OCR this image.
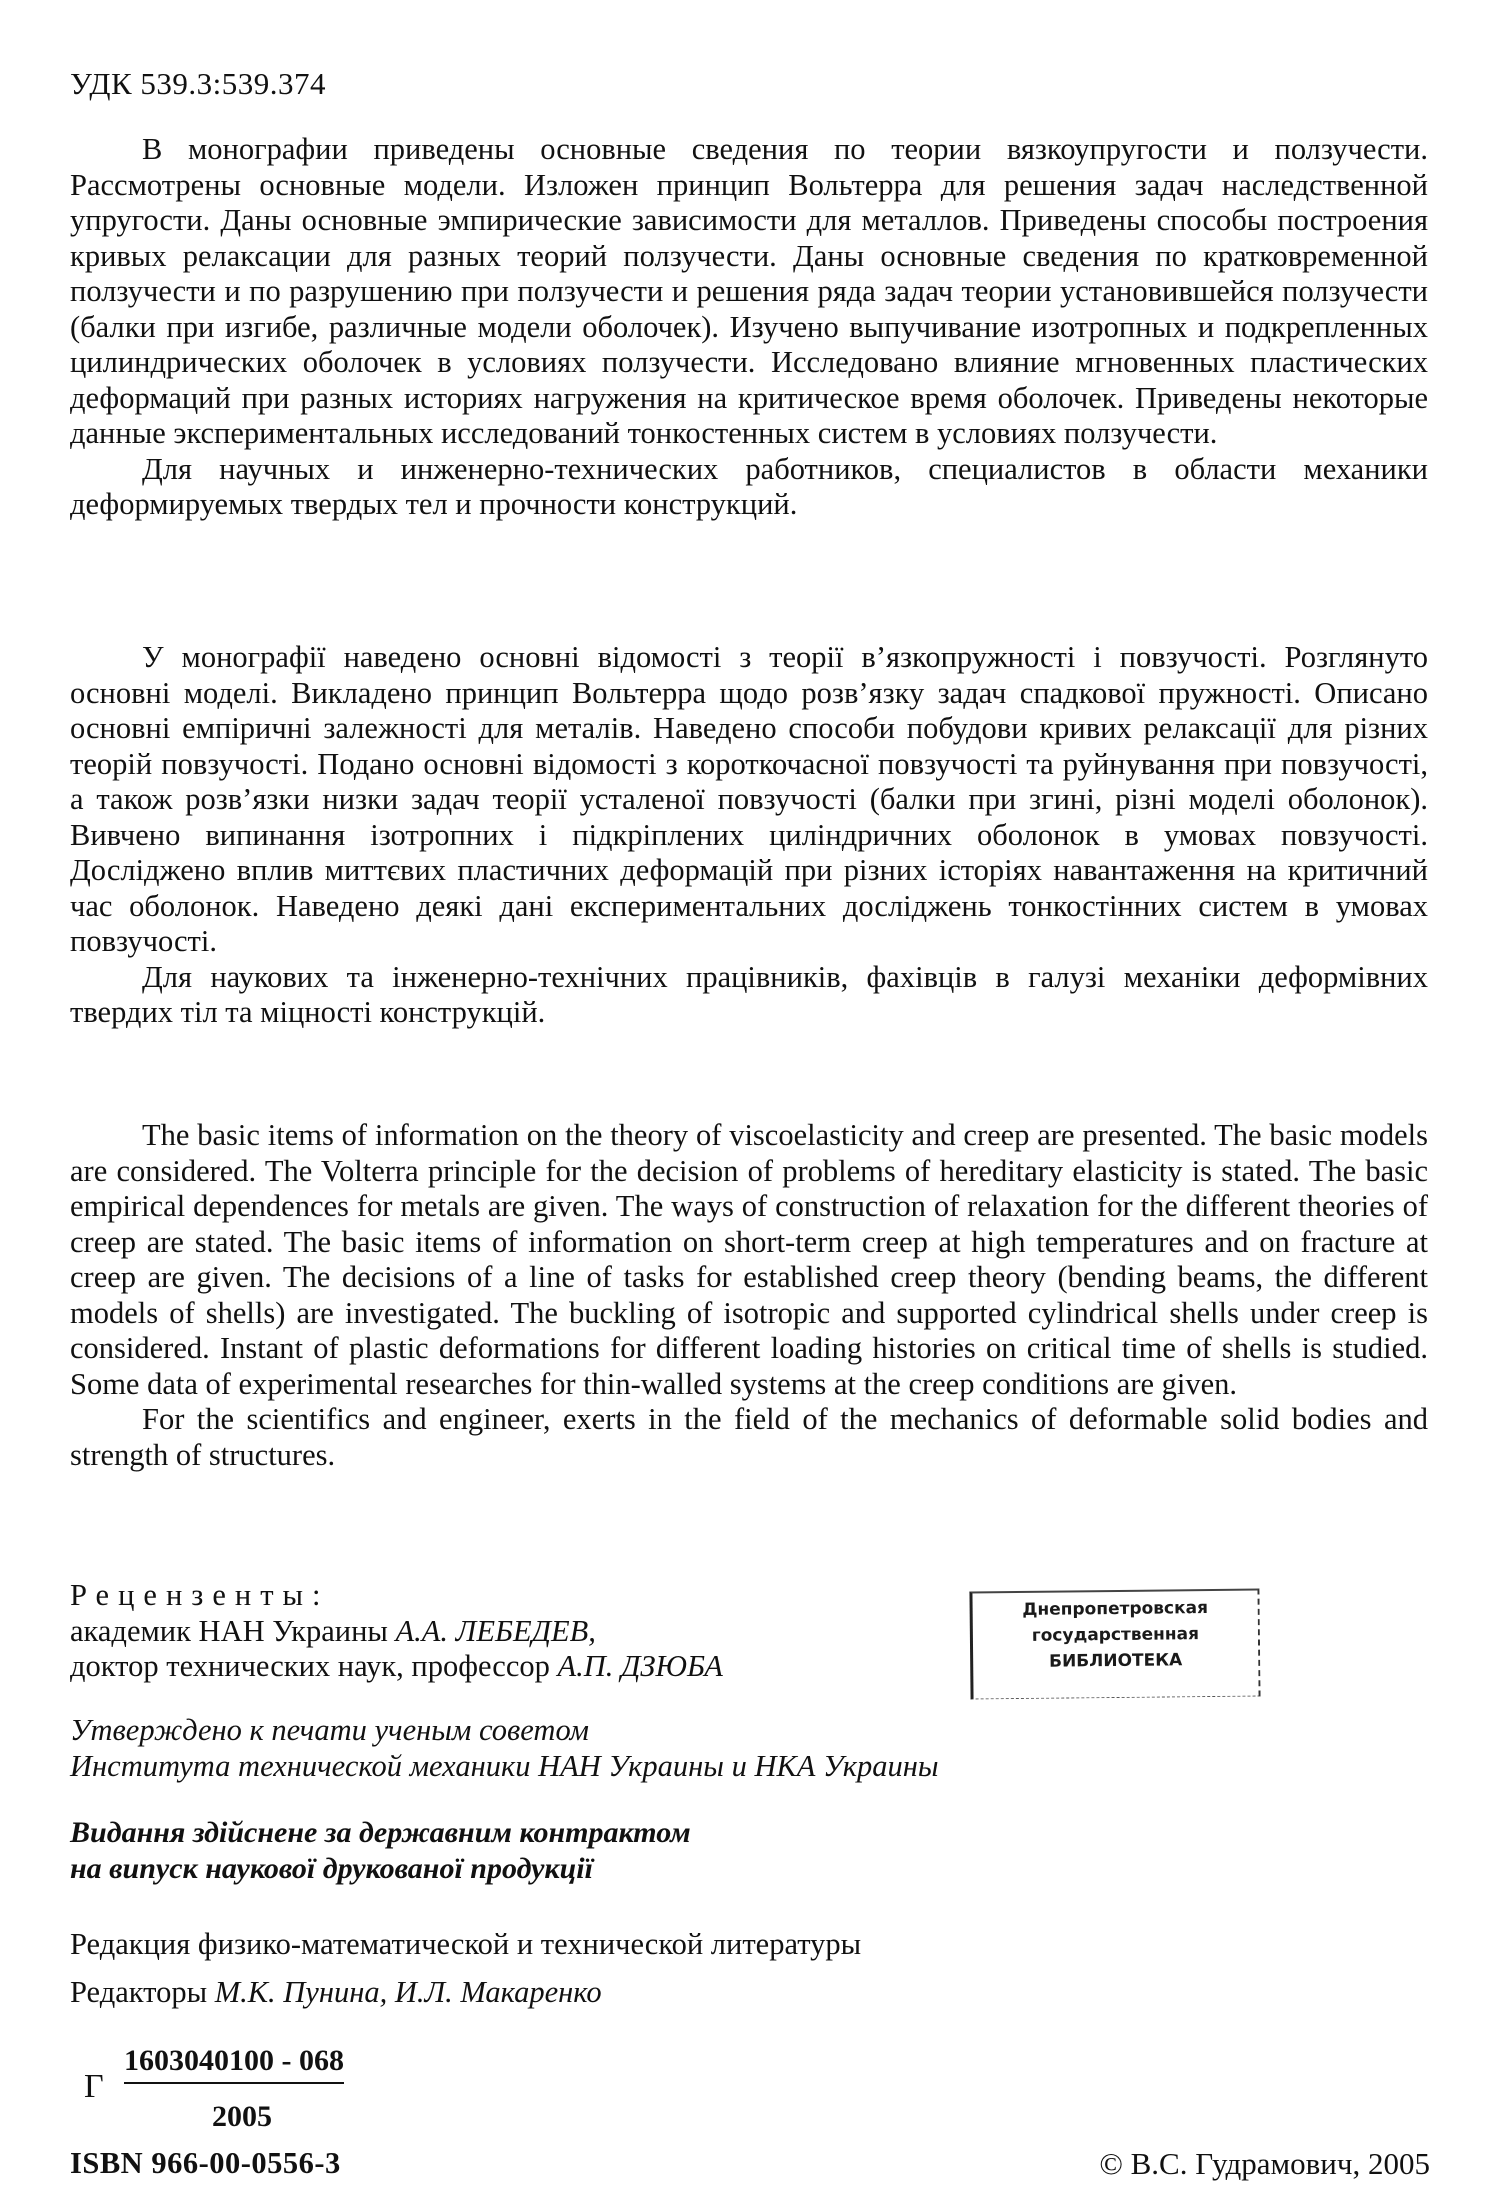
УДК 539.3:539.374

В монографии приведены основные сведения по теории вязкоупругости и ползучести. Рассмотрены основные модели. Изложен принцип Вольтерра для решения задач наследственной упругости. Даны основные эмпирические зависимости для металлов. Приведены способы построения кривых релаксации для разных теорий ползучести. Даны основные сведения по кратковременной ползучести и по разрушению при ползучести и решения ряда задач теории установившейся ползучести (балки при изгибе, различные модели оболочек). Изучено выпучивание изотропных и подкрепленных цилиндрических оболочек в условиях ползучести. Исследовано влияние мгновенных пластических деформаций при разных историях нагружения на критическое время оболочек. Приведены некоторые данные экспериментальных исследований тонкостенных систем в условиях ползучести.

Для научных и инженерно-технических работников, специалистов в области механики деформируемых твердых тел и прочности конструкций.

У монографії наведено основні відомості з теорії в’язкопружності і повзучості. Розглянуто основні моделі. Викладено принцип Вольтерра щодо розв’язку задач спадкової пружності. Описано основні емпіричні залежності для металів. Наведено способи побудови кривих релаксації для різних теорій повзучості. Подано основні відомості з короткочасної повзучості та руйнування при повзучості, а також розв’язки низки задач теорії усталеної повзучості (балки при згині, різні моделі оболонок). Вивчено випинання ізотропних і підкріплених циліндричних оболонок в умовах повзучості. Досліджено вплив миттєвих пластичних деформацій при різних історіях навантаження на критичний час оболонок. Наведено деякі дані експериментальних досліджень тонкостінних систем в умовах повзучості.

Для наукових та інженерно-технічних працівників, фахівців в галузі механіки деформівних твердих тіл та міцності конструкцій.

The basic items of information on the theory of viscoelasticity and creep are presented. The basic models are considered. The Volterra principle for the decision of problems of hereditary elasticity is stated. The basic empirical dependences for metals are given. The ways of construction of relaxation for the different theories of creep are stated. The basic items of information on short-term creep at high temperatures and on fracture at creep are given. The decisions of a line of tasks for established creep theory (bending beams, the different models of shells) are investigated. The buckling of isotropic and supported cylindrical shells under creep is considered. Instant of plastic deformations for different loading histories on critical time of shells is studied. Some data of experimental researches for thin-walled systems at the creep conditions are given.

For the scientifics and engineer, exerts in the field of the mechanics of deformable solid bodies and strength of structures.

Рецензенты:
академик НАН Украины А.А. ЛЕБЕДЕВ,
доктор технических наук, профессор А.П. ДЗЮБА
Днепропетровская
государственная
БИБЛИОТЕКА
Утверждено к печати ученым советом
Института технической механики НАН Украины и НКА Украины
Видання здійснене за державним контрактом
на випуск наукової друкованої продукції
Редакция физико-математической и технической литературы
Редакторы М.К. Пунина, И.Л. Макаренко
Г
1603040100 - 068
2005
ISBN 966-00-0556-3	© В.С. Гудрамович, 2005
